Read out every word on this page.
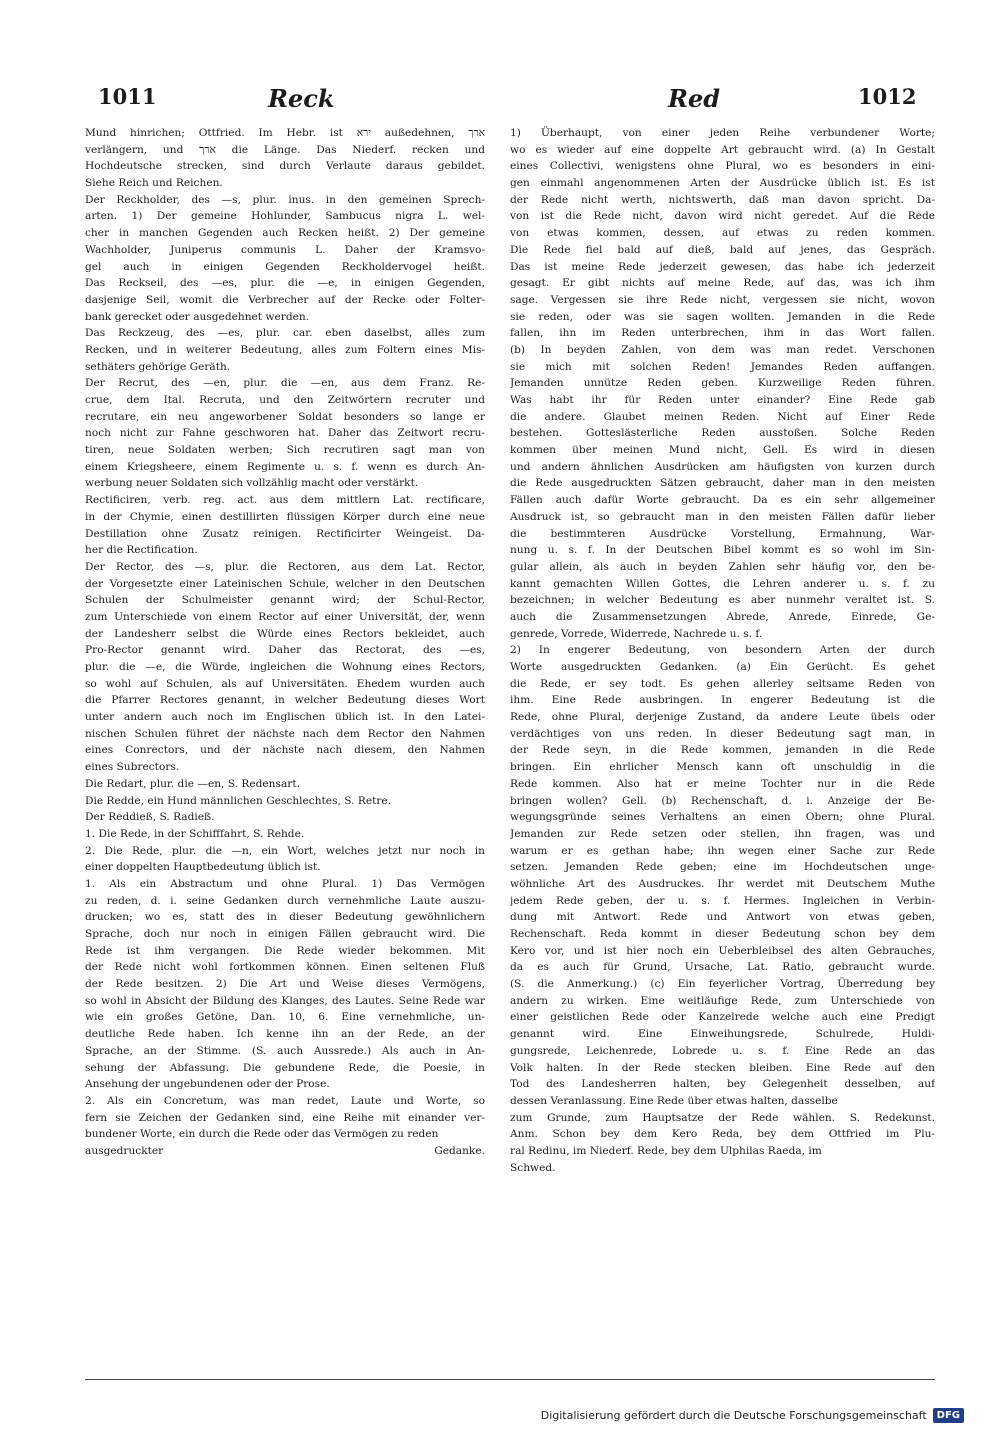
1011	Reck	Red	1012
Mund hinrichen; Ottfried. Im Hebr. ist ירא außedehnen, ארך
verlängern, und ארך die Länge. Das Niederf. recken und
Hochdeutsche strecken, sind durch Verlaute daraus gebildet.
Siehe Reich und Reichen.
Der Reckholder, des —s, plur. inus. in den gemeinen Sprech-
arten. 1) Der gemeine Hohlunder, Sambucus nigra L. wel-
cher in manchen Gegenden auch Recken heißt. 2) Der gemeine
Wachholder, Juniperus communis L. Daher der Kramsvo-
gel auch in einigen Gegenden Reckholdervogel heißt.
Das Reckseil, des —es, plur. die —e, in einigen Gegenden,
dasjenige Seil, womit die Verbrecher auf der Recke oder Folter-
bank gerecket oder ausgedehnet werden.
Das Reckzeug, des —es, plur. car. eben daselbst, alles zum
Recken, und in weiterer Bedeutung, alles zum Foltern eines Mis-
sethäters gehörige Geräth.
Der Recrut, des —en, plur. die —en, aus dem Franz. Re-
crue, dem Ital. Recruta, und den Zeitwörtern recruter und
recrutare, ein neu angeworbener Soldat besonders so lange er
noch nicht zur Fahne geschworen hat. Daher das Zeitwort recru-
tiren, neue Soldaten werben; Sich recrutiren sagt man von
einem Kriegsheere, einem Regimente u. s. f. wenn es durch An-
werbung neuer Soldaten sich vollzählig macht oder verstärkt.
Rectificiren, verb. reg. act. aus dem mittlern Lat. rectificare,
in der Chymie, einen destillirten flüssigen Körper durch eine neue
Destillation ohne Zusatz reinigen. Rectificirter Weingeist. Da-
her die Rectification.
Der Rector, des —s, plur. die Rectoren, aus dem Lat. Rector,
der Vorgesetzte einer Lateinischen Schule, welcher in den Deutschen
Schulen der Schulmeister genannt wird; der Schul-Rector,
zum Unterschiede von einem Rector auf einer Universität, der, wenn
der Landesherr selbst die Würde eines Rectors bekleidet, auch
Pro-Rector genannt wird. Daher das Rectorat, des —es,
plur. die —e, die Würde, ingleichen die Wohnung eines Rectors,
so wohl auf Schulen, als auf Universitäten. Ehedem wurden auch
die Pfarrer Rectores genannt, in welcher Bedeutung dieses Wort
unter andern auch noch im Englischen üblich ist. In den Latei-
nischen Schulen führet der nächste nach dem Rector den Nahmen
eines Conrectors, und der nächste nach diesem, den Nahmen
eines Subrectors.
Die Redart, plur. die —en, S. Redensart.
Die Redde, ein Hund männlichen Geschlechtes, S. Retre.
Der Reddieß, S. Radieß.
1. Die Rede, in der Schifffahrt, S. Rehde.
2. Die Rede, plur. die —n, ein Wort, welches jetzt nur noch in
einer doppelten Hauptbedeutung üblich ist.
1. Als ein Abstractum und ohne Plural. 1) Das Vermögen
zu reden, d. i. seine Gedanken durch vernehmliche Laute auszu-
drucken; wo es, statt des in dieser Bedeutung gewöhnlichern
Sprache, doch nur noch in einigen Fällen gebraucht wird. Die
Rede ist ihm vergangen. Die Rede wieder bekommen. Mit
der Rede nicht wohl fortkommen können. Einen seltenen Fluß
der Rede besitzen. 2) Die Art und Weise dieses Vermögens,
so wohl in Absicht der Bildung des Klanges, des Lautes. Seine Rede war
wie ein großes Getöne, Dan. 10, 6. Eine vernehmliche, un-
deutliche Rede haben. Ich kenne ihn an der Rede, an der
Sprache, an der Stimme. (S. auch Aussrede.) Als auch in An-
sehung der Abfassung. Die gebundene Rede, die Poesie, in
Ansehung der ungebundenen oder der Prose.
2. Als ein Concretum, was man redet, Laute und Worte, so
fern sie Zeichen der Gedanken sind, eine Reihe mit einander ver-
bundener Worte, ein durch die Rede oder das Vermögen zu reden
ausgedruckter Gedanke.
1) Überhaupt, von einer jeden Reihe verbundener Worte;
wo es wieder auf eine doppelte Art gebraucht wird. (a) In Gestalt
eines Collectivi, wenigstens ohne Plural, wo es besonders in eini-
gen einmahl angenommenen Arten der Ausdrücke üblich ist. Es ist
der Rede nicht werth, nichtswerth, daß man davon spricht. Da-
von ist die Rede nicht, davon wird nicht geredet. Auf die Rede
von etwas kommen, dessen, auf etwas zu reden kommen.
Die Rede fiel bald auf dieß, bald auf jenes, das Gespräch.
Das ist meine Rede jederzeit gewesen, das habe ich jederzeit
gesagt. Er gibt nichts auf meine Rede, auf das, was ich ihm
sage. Vergessen sie ihre Rede nicht, vergessen sie nicht, wovon
sie reden, oder was sie sagen wollten. Jemanden in die Rede
fallen, ihn im Reden unterbrechen, ihm in das Wort fallen.
(b) In beyden Zahlen, von dem was man redet. Verschonen
sie mich mit solchen Reden! Jemandes Reden auffangen.
Jemanden unnütze Reden geben. Kurzweilige Reden führen.
Was habt ihr für Reden unter einander? Eine Rede gab
die andere. Glaubet meinen Reden. Nicht auf Einer Rede
bestehen. Gotteslästerliche Reden ausstoßen. Solche Reden
kommen über meinen Mund nicht, Gell. Es wird in diesen
und andern ähnlichen Ausdrücken am häufigsten von kurzen durch
die Rede ausgedruckten Sätzen gebraucht, daher man in den meisten
Fällen auch dafür Worte gebraucht. Da es ein sehr allgemeiner
Ausdruck ist, so gebraucht man in den meisten Fällen dafür lieber
die bestimmteren Ausdrücke Vorstellung, Ermahnung, War-
nung u. s. f. In der Deutschen Bibel kommt es so wohl im Sin-
gular allein, als auch in beyden Zahlen sehr häufig vor, den be-
kannt gemachten Willen Gottes, die Lehren anderer u. s. f. zu
bezeichnen; in welcher Bedeutung es aber nunmehr veraltet ist. S.
auch die Zusammensetzungen Abrede, Anrede, Einrede, Ge-
genrede, Vorrede, Widerrede, Nachrede u. s. f.
2) In engerer Bedeutung, von besondern Arten der durch
Worte ausgedruckten Gedanken. (a) Ein Gerücht. Es gehet
die Rede, er sey todt. Es gehen allerley seltsame Reden von
ihm. Eine Rede ausbringen. In engerer Bedeutung ist die
Rede, ohne Plural, derjenige Zustand, da andere Leute übels oder
verdächtiges von uns reden. In dieser Bedeutung sagt man, in
der Rede seyn, in die Rede kommen, jemanden in die Rede
bringen. Ein ehrlicher Mensch kann oft unschuldig in die
Rede kommen. Also hat er meine Tochter nur in die Rede
bringen wollen? Gell. (b) Rechenschaft, d. i. Anzeige der Be-
wegungsgründe seines Verhaltens an einen Obern; ohne Plural.
Jemanden zur Rede setzen oder stellen, ihn fragen, was und
warum er es gethan habe; ihn wegen einer Sache zur Rede
setzen. Jemanden Rede geben; eine im Hochdeutschen unge-
wöhnliche Art des Ausdruckes. Ihr werdet mit Deutschem Muthe
jedem Rede geben, der u. s. f. Hermes. Ingleichen in Verbin-
dung mit Antwort. Rede und Antwort von etwas geben,
Rechenschaft. Reda kommt in dieser Bedeutung schon bey dem
Kero vor, und ist hier noch ein Ueberbleibsel des alten Gebrauches,
da es auch für Grund, Ursache, Lat. Ratio, gebraucht wurde.
(S. die Anmerkung.) (c) Ein feyerlicher Vortrag, Überredung bey
andern zu wirken. Eine weitläufige Rede, zum Unterschiede von
einer geistlichen Rede oder Kanzelrede welche auch eine Predigt
genannt wird. Eine Einweihungsrede, Schulrede, Huldi-
gungsrede, Leichenrede, Lobrede u. s. f. Eine Rede an das
Volk halten. In der Rede stecken bleiben. Eine Rede auf den
Tod des Landesherren halten, bey Gelegenheit desselben, auf
dessen Veranlassung. Eine Rede über etwas halten, dasselbe
zum Grunde, zum Hauptsatze der Rede wählen. S. Redekunst.
Anm. Schon bey dem Kero Reda, bey dem Ottfried im Plu-
ral Redinu, im Niederf. Rede, bey dem Ulphilas Raeda, im
Schwed.
Digitalisierung gefördert durch die Deutsche Forschungsgemeinschaft	DFG
